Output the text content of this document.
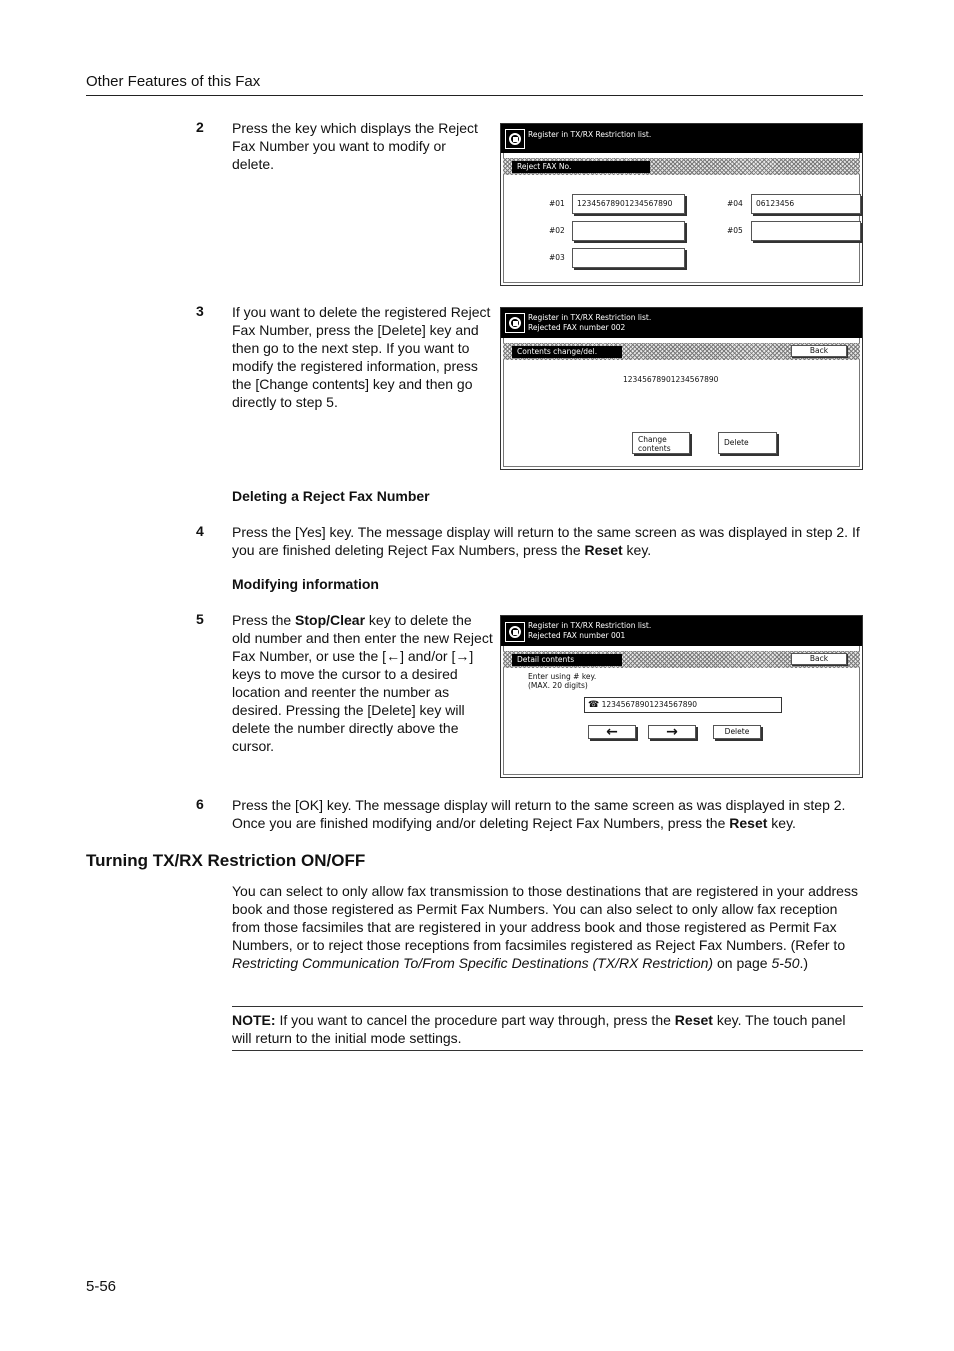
Other Features of this Fax
2 Press the key which displays the Reject Fax Number you want to modify or delete.
Register in TX/RX Restriction list.
Reject FAX No.
#01	12345678901234567890
#02
#03
#04	06123456
#05
3 If you want to delete the registered Reject Fax Number, press the [Delete] key and then go to the next step. If you want to modify the registered information, press the [Change contents] key and then go directly to step 5.
Register in TX/RX Restriction list.
Rejected FAX number 002
Contents change/del.	Back
12345678901234567890
Change
contents
Delete
Deleting a Reject Fax Number
4 Press the [Yes] key. The message display will return to the same screen as was displayed in step 2. If you are finished deleting Reject Fax Numbers, press the Reset key.
Modifying information
5 Press the Stop/Clear key to delete the old number and then enter the new Reject Fax Number, or use the [←] and/or [→] keys to move the cursor to a desired location and reenter the number as desired. Pressing the [Delete] key will delete the number directly above the cursor.
Register in TX/RX Restriction list.
Rejected FAX number 001
Detail contents	Back
Enter using # key.
(MAX. 20 digits)
☎ 12345678901234567890
←	→	Delete
6 Press the [OK] key. The message display will return to the same screen as was displayed in step 2. Once you are finished modifying and/or deleting Reject Fax Numbers, press the Reset key.
Turning TX/RX Restriction ON/OFF
You can select to only allow fax transmission to those destinations that are registered in your address book and those registered as Permit Fax Numbers. You can also select to only allow fax reception from those facsimiles that are registered in your address book and those registered as Permit Fax Numbers, or to reject those receptions from facsimiles registered as Reject Fax Numbers. (Refer to Restricting Communication To/From Specific Destinations (TX/RX Restriction) on page 5-50.)
NOTE: If you want to cancel the procedure part way through, press the Reset key. The touch panel will return to the initial mode settings.
5-56
